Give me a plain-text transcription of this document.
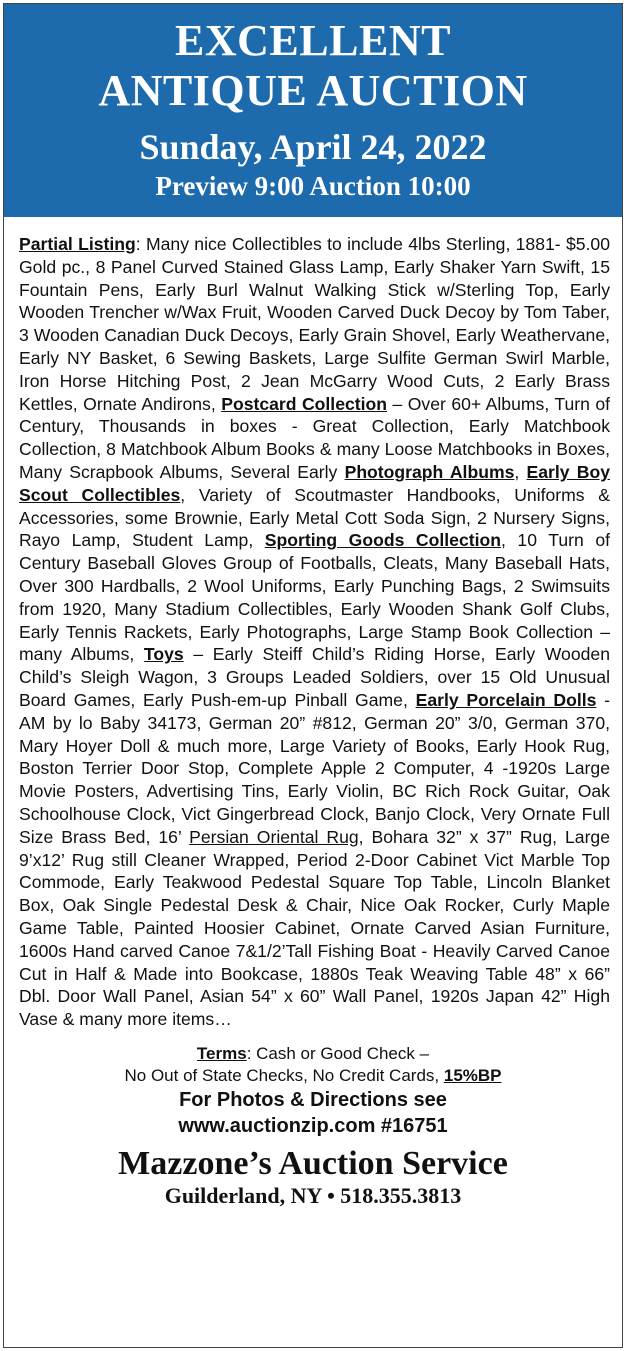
EXCELLENT
ANTIQUE AUCTION
Sunday, April 24, 2022
Preview 9:00 Auction 10:00
Partial Listing: Many nice Collectibles to include 4lbs Sterling, 1881- $5.00 Gold pc., 8 Panel Curved Stained Glass Lamp, Early Shaker Yarn Swift, 15 Fountain Pens, Early Burl Walnut Walking Stick w/Sterling Top, Early Wooden Trencher w/Wax Fruit, Wooden Carved Duck Decoy by Tom Taber, 3 Wooden Canadian Duck Decoys, Early Grain Shovel, Early Weathervane, Early NY Basket, 6 Sewing Baskets, Large Sulfite German Swirl Marble, Iron Horse Hitching Post, 2 Jean McGarry Wood Cuts, 2 Early Brass Kettles, Ornate Andirons, Postcard Collection – Over 60+ Albums, Turn of Century, Thousands in boxes - Great Collection, Early Matchbook Collection, 8 Matchbook Album Books & many Loose Matchbooks in Boxes, Many Scrapbook Albums, Several Early Photograph Albums, Early Boy Scout Collectibles, Variety of Scoutmaster Handbooks, Uniforms & Accessories, some Brownie, Early Metal Cott Soda Sign, 2 Nursery Signs, Rayo Lamp, Student Lamp, Sporting Goods Collection, 10 Turn of Century Baseball Gloves Group of Footballs, Cleats, Many Baseball Hats, Over 300 Hardballs, 2 Wool Uniforms, Early Punching Bags, 2 Swimsuits from 1920, Many Stadium Collectibles, Early Wooden Shank Golf Clubs, Early Tennis Rackets, Early Photographs, Large Stamp Book Collection – many Albums, Toys – Early Steiff Child’s Riding Horse, Early Wooden Child’s Sleigh Wagon, 3 Groups Leaded Soldiers, over 15 Old Unusual Board Games, Early Push-em-up Pinball Game, Early Porcelain Dolls - AM by lo Baby 34173, German 20” #812, German 20” 3/0, German 370, Mary Hoyer Doll & much more, Large Variety of Books, Early Hook Rug, Boston Terrier Door Stop, Complete Apple 2 Computer, 4 -1920s Large Movie Posters, Advertising Tins, Early Violin, BC Rich Rock Guitar, Oak Schoolhouse Clock, Vict Gingerbread Clock, Banjo Clock, Very Ornate Full Size Brass Bed, 16’ Persian Oriental Rug, Bohara 32” x 37” Rug, Large 9’x12’ Rug still Cleaner Wrapped, Period 2-Door Cabinet Vict Marble Top Commode, Early Teakwood Pedestal Square Top Table, Lincoln Blanket Box, Oak Single Pedestal Desk & Chair, Nice Oak Rocker, Curly Maple Game Table, Painted Hoosier Cabinet, Ornate Carved Asian Furniture, 1600s Hand carved Canoe 7&1/2’Tall Fishing Boat - Heavily Carved Canoe Cut in Half & Made into Bookcase, 1880s Teak Weaving Table 48” x 66” Dbl. Door Wall Panel, Asian 54” x 60” Wall Panel, 1920s Japan 42” High Vase & many more items…
Terms: Cash or Good Check –
No Out of State Checks, No Credit Cards, 15%BP
For Photos & Directions see
www.auctionzip.com #16751
Mazzone’s Auction Service
Guilderland, NY • 518.355.3813
